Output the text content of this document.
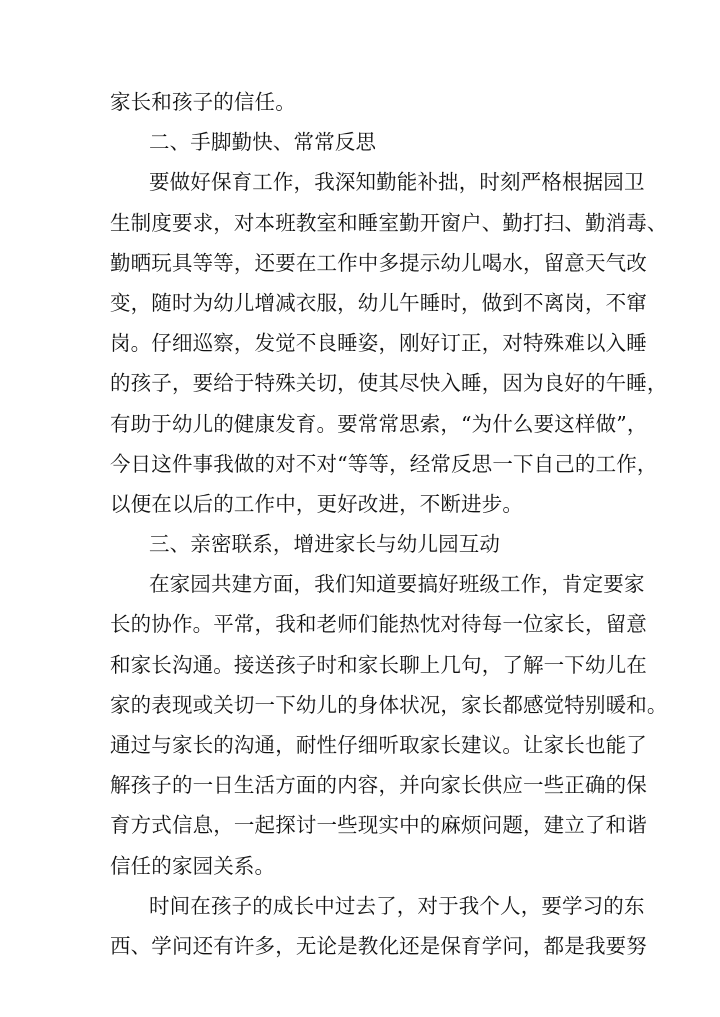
家长和孩子的信任。
二、手脚勤快、常常反思
要做好保育工作，我深知勤能补拙，时刻严格根据园卫
生制度要求，对本班教室和睡室勤开窗户、勤打扫、勤消毒、
勤晒玩具等等，还要在工作中多提示幼儿喝水，留意天气改
变，随时为幼儿增减衣服，幼儿午睡时，做到不离岗，不窜
岗。仔细巡察，发觉不良睡姿，刚好订正，对特殊难以入睡
的孩子，要给于特殊关切，使其尽快入睡，因为良好的午睡，
有助于幼儿的健康发育。要常常思索，“为什么要这样做”，
今日这件事我做的对不对“等等，经常反思一下自己的工作，
以便在以后的工作中，更好改进，不断进步。
三、亲密联系，增进家长与幼儿园互动
在家园共建方面，我们知道要搞好班级工作，肯定要家
长的协作。平常，我和老师们能热忱对待每一位家长，留意
和家长沟通。接送孩子时和家长聊上几句，了解一下幼儿在
家的表现或关切一下幼儿的身体状况，家长都感觉特别暖和。
通过与家长的沟通，耐性仔细听取家长建议。让家长也能了
解孩子的一日生活方面的内容，并向家长供应一些正确的保
育方式信息，一起探讨一些现实中的麻烦问题，建立了和谐
信任的家园关系。
时间在孩子的成长中过去了，对于我个人，要学习的东
西、学问还有许多，无论是教化还是保育学问，都是我要努
